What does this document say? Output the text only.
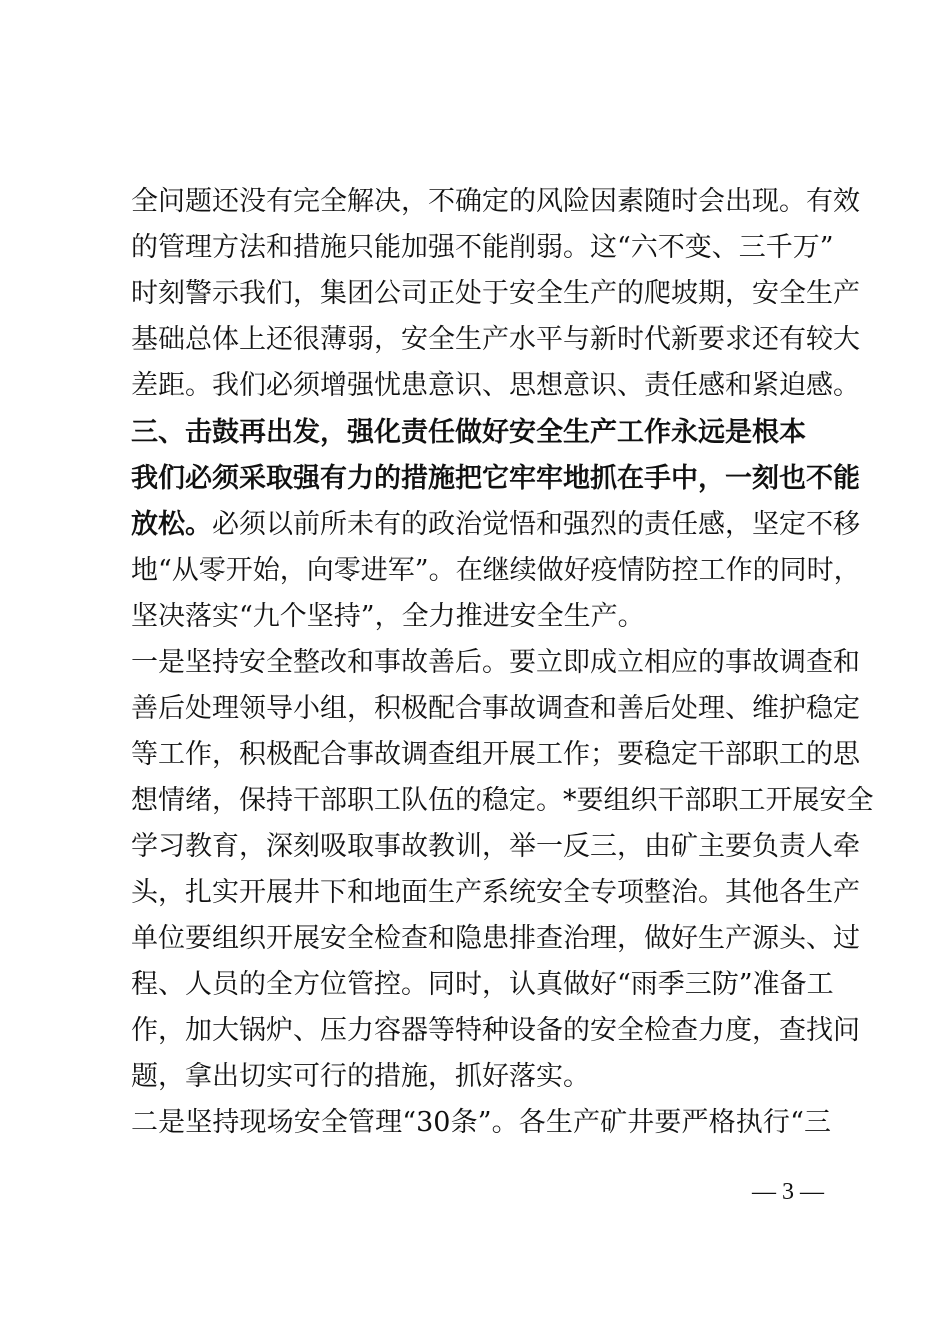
全问题还没有完全解决，不确定的风险因素随时会出现。有效
的管理方法和措施只能加强不能削弱。这“六不变、三千万”
时刻警示我们，集团公司正处于安全生产的爬坡期，安全生产
基础总体上还很薄弱，安全生产水平与新时代新要求还有较大
差距。我们必须增强忧患意识、思想意识、责任感和紧迫感。
三、击鼓再出发，强化责任做好安全生产工作永远是根本
我们必须采取强有力的措施把它牢牢地抓在手中，一刻也不能
放松。必须以前所未有的政治觉悟和强烈的责任感，坚定不移
地“从零开始，向零进军”。在继续做好疫情防控工作的同时，
坚决落实“九个坚持”，全力推进安全生产。
一是坚持安全整改和事故善后。要立即成立相应的事故调查和
善后处理领导小组，积极配合事故调查和善后处理、维护稳定
等工作，积极配合事故调查组开展工作；要稳定干部职工的思
想情绪，保持干部职工队伍的稳定。*要组织干部职工开展安全
学习教育，深刻吸取事故教训，举一反三，由矿主要负责人牵
头，扎实开展井下和地面生产系统安全专项整治。其他各生产
单位要组织开展安全检查和隐患排查治理，做好生产源头、过
程、人员的全方位管控。同时，认真做好“雨季三防”准备工
作，加大锅炉、压力容器等特种设备的安全检查力度，查找问
题，拿出切实可行的措施，抓好落实。
二是坚持现场安全管理“30条”。各生产矿井要严格执行“三
— 3 —
